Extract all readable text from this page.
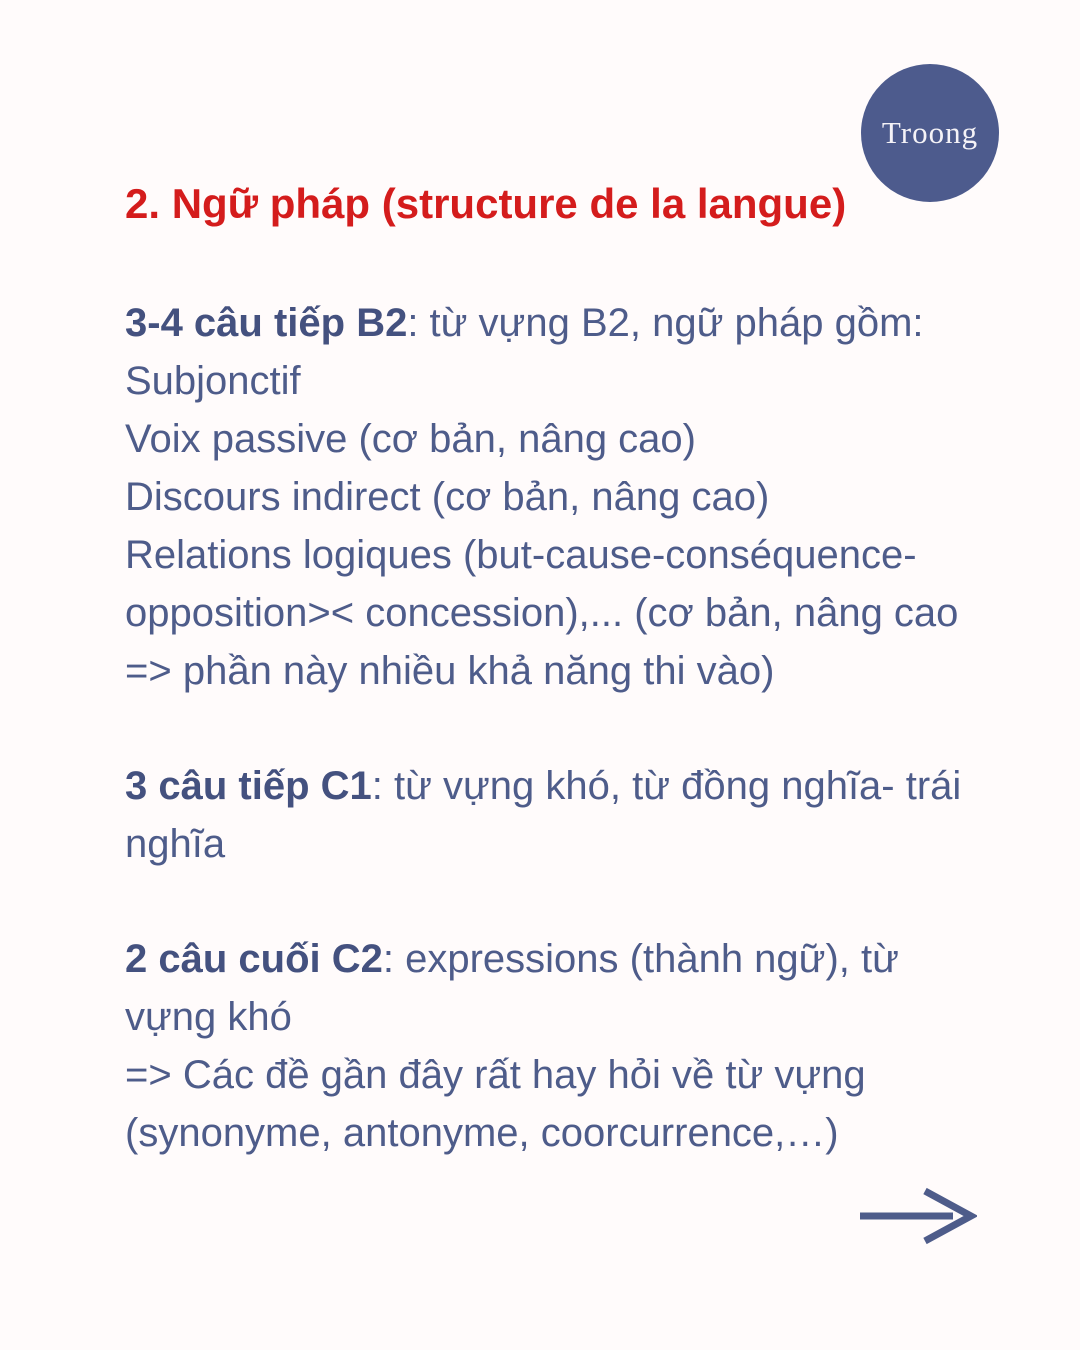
Troong
2. Ngữ pháp (structure de la langue)

3-4 câu tiếp B2: từ vựng B2, ngữ pháp gồm:
Subjonctif
Voix passive (cơ bản, nâng cao)
Discours indirect (cơ bản, nâng cao)
Relations logiques (but-cause-conséquence-
opposition>< concession),... (cơ bản, nâng cao
=> phần này nhiều khả năng thi vào)

3 câu tiếp C1: từ vựng khó, từ đồng nghĩa- trái
nghĩa

2 câu cuối C2: expressions (thành ngữ), từ
vựng khó
=> Các đề gần đây rất hay hỏi về từ vựng
(synonyme, antonyme, coorcurrence,…)
